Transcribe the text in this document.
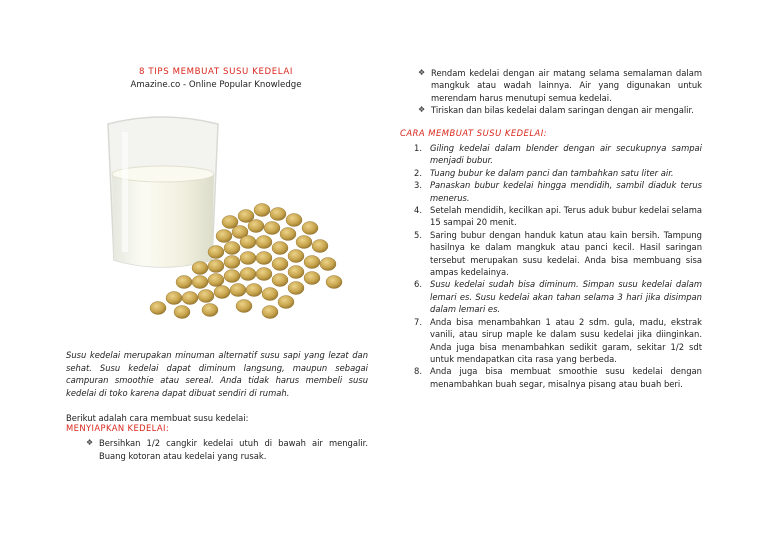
8 TIPS MEMBUAT SUSU KEDELAI
Amazine.co - Online Popular Knowledge
Susu kedelai merupakan minuman alternatif susu sapi yang lezat dan sehat. Susu kedelai dapat diminum langsung, maupun sebagai campuran smoothie atau sereal. Anda tidak harus membeli susu kedelai di toko karena dapat dibuat sendiri di rumah.
Berikut adalah cara membuat susu kedelai:
MENYIAPKAN KEDELAI:
❖ Bersihkan 1/2 cangkir kedelai utuh di bawah air mengalir. Buang kotoran atau kedelai yang rusak.
❖ Rendam kedelai dengan air matang selama semalaman dalam mangkuk atau wadah lainnya. Air yang digunakan untuk merendam harus menutupi semua kedelai.
❖ Tiriskan dan bilas kedelai dalam saringan dengan air mengalir.
CARA MEMBUAT SUSU KEDELAI:
1. Giling kedelai dalam blender dengan air secukupnya sampai menjadi bubur.
2. Tuang bubur ke dalam panci dan tambahkan satu liter air.
3. Panaskan bubur kedelai hingga mendidih, sambil diaduk terus menerus.
4. Setelah mendidih, kecilkan api. Terus aduk bubur kedelai selama 15 sampai 20 menit.
5. Saring bubur dengan handuk katun atau kain bersih. Tampung hasilnya ke dalam mangkuk atau panci kecil. Hasil saringan tersebut merupakan susu kedelai. Anda bisa membuang sisa ampas kedelainya.
6. Susu kedelai sudah bisa diminum. Simpan susu kedelai dalam lemari es. Susu kedelai akan tahan selama 3 hari jika disimpan dalam lemari es.
7. Anda bisa menambahkan 1 atau 2 sdm. gula, madu, ekstrak vanili, atau sirup maple ke dalam susu kedelai jika diinginkan. Anda juga bisa menambahkan sedikit garam, sekitar 1/2 sdt untuk mendapatkan cita rasa yang berbeda.
8. Anda juga bisa membuat smoothie susu kedelai dengan menambahkan buah segar, misalnya pisang atau buah beri.
